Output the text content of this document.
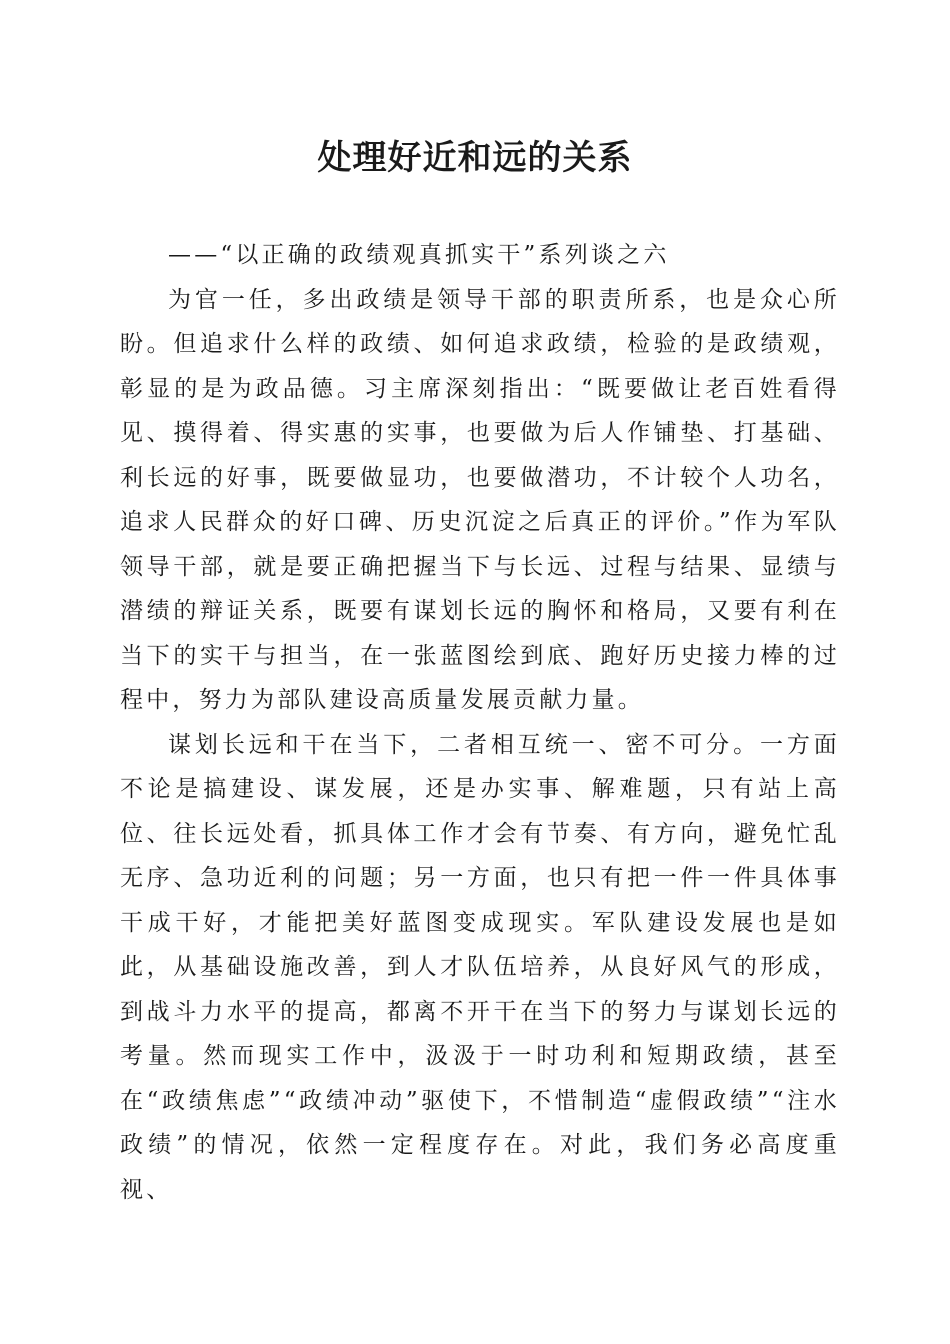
处理好近和远的关系

——“以正确的政绩观真抓实干”系列谈之六

为官一任，多出政绩是领导干部的职责所系，也是众心所盼。但追求什么样的政绩、如何追求政绩，检验的是政绩观，彰显的是为政品德。习主席深刻指出：“既要做让老百姓看得见、摸得着、得实惠的实事，也要做为后人作铺垫、打基础、利长远的好事，既要做显功，也要做潜功，不计较个人功名，追求人民群众的好口碑、历史沉淀之后真正的评价。”作为军队领导干部，就是要正确把握当下与长远、过程与结果、显绩与潜绩的辩证关系，既要有谋划长远的胸怀和格局，又要有利在当下的实干与担当，在一张蓝图绘到底、跑好历史接力棒的过程中，努力为部队建设高质量发展贡献力量。

谋划长远和干在当下，二者相互统一、密不可分。一方面不论是搞建设、谋发展，还是办实事、解难题，只有站上高位、往长远处看，抓具体工作才会有节奏、有方向，避免忙乱无序、急功近利的问题；另一方面，也只有把一件一件具体事干成干好，才能把美好蓝图变成现实。军队建设发展也是如此，从基础设施改善，到人才队伍培养，从良好风气的形成，到战斗力水平的提高，都离不开干在当下的努力与谋划长远的考量。然而现实工作中，汲汲于一时功利和短期政绩，甚至在“政绩焦虑”“政绩冲动”驱使下，不惜制造“虚假政绩”“注水政绩”的情况，依然一定程度存在。对此，我们务必高度重视、
